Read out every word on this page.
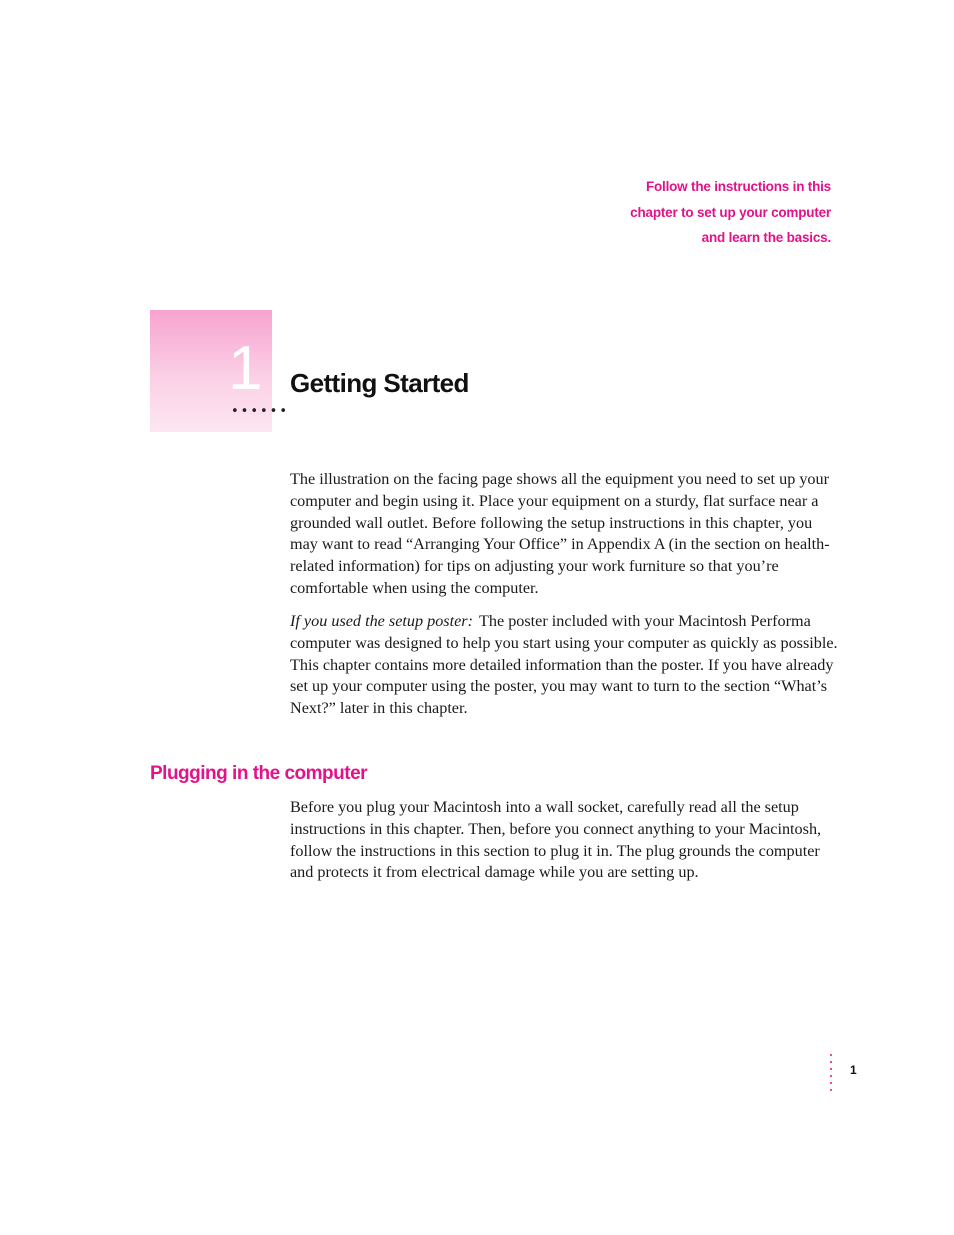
Follow the instructions in this
chapter to set up your computer
and learn the basics.
1
••••••
Getting Started

The illustration on the facing page shows all the equipment you need to set up your computer and begin using it. Place your equipment on a sturdy, flat surface near a grounded wall outlet. Before following the setup instructions in this chapter, you may want to read “Arranging Your Office” in Appendix A (in the section on health-related information) for tips on adjusting your work furniture so that you’re comfortable when using the computer.

If you used the setup poster: The poster included with your Macintosh Performa computer was designed to help you start using your computer as quickly as possible. This chapter contains more detailed information than the poster. If you have already set up your computer using the poster, you may want to turn to the section “What’s Next?” later in this chapter.

Plugging in the computer

Before you plug your Macintosh into a wall socket, carefully read all the setup instructions in this chapter. Then, before you connect anything to your Macintosh, follow the instructions in this section to plug it in. The plug grounds the computer and protects it from electrical damage while you are setting up.

1
